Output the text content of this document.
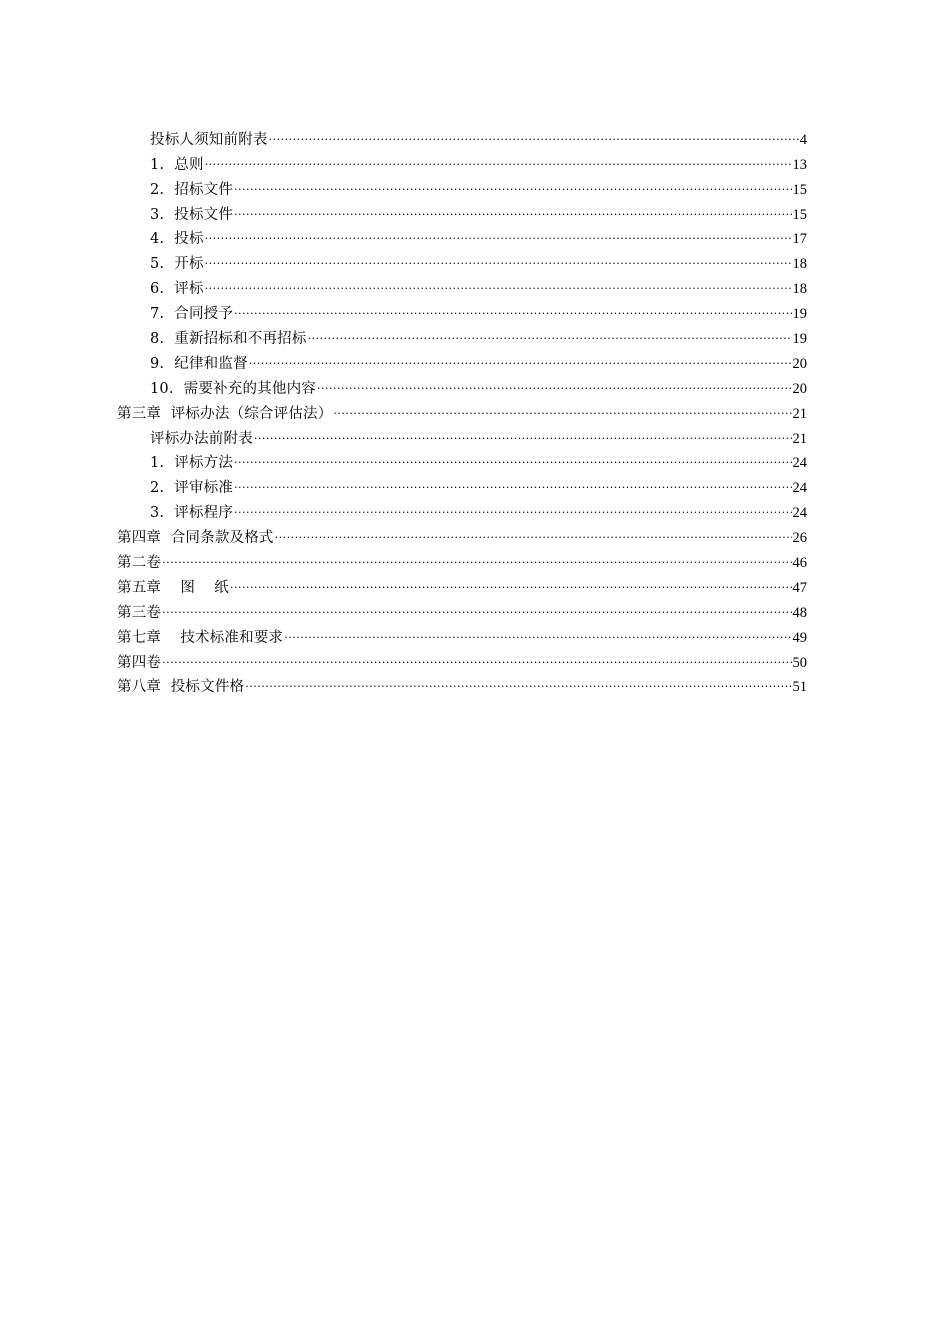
投标人须知前附表 .....	4
1. 总则 .....	13
2. 招标文件 .....	15
3. 投标文件 .....	15
4. 投标 .....	17
5. 开标 .....	18
6. 评标 .....	18
7. 合同授予 .....	19
8. 重新招标和不再招标 .....	19
9. 纪律和监督 .....	20
10. 需要补充的其他内容 .....	20
第三章  评标办法（综合评估法） .....	21
评标办法前附表 .....	21
1. 评标方法 .....	24
2. 评审标准 .....	24
3. 评标程序 .....	24
第四章  合同条款及格式 .....	26
第二卷 .....	46
第五章    图    纸 .....	47
第三卷 .....	48
第七章    技术标准和要求 .....	49
第四卷 .....	50
第八章  投标文件格 .....	51
